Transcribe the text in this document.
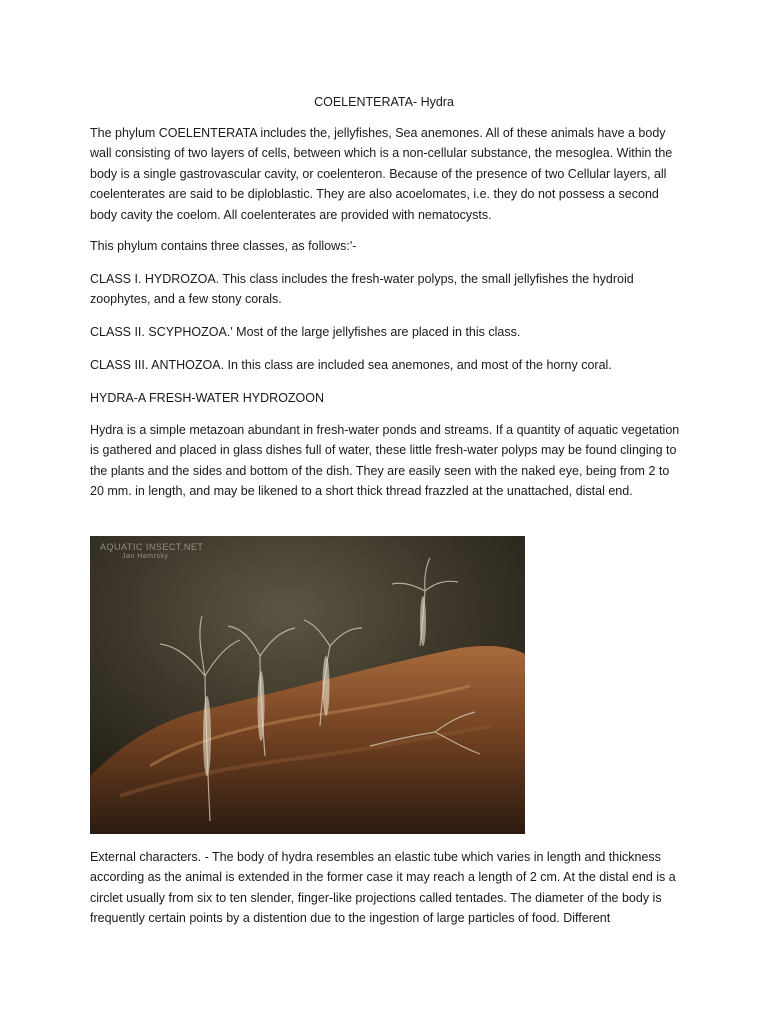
COELENTERATA- Hydra

The phylum COELENTERATA includes the, jellyfishes, Sea anemones. All of these animals have a body wall consisting of two layers of cells, between which is a non-cellular substance, the mesoglea. Within the body is a single gastrovascular cavity, or coelenteron. Because of the presence of two Cellular layers, all coelenterates are said to be diploblastic. They are also acoelomates, i.e. they do not possess a second body cavity the coelom. All coelenterates are provided with nematocysts.

This phylum contains three classes, as follows:'-

CLASS I. HYDROZOA. This class includes the fresh-water polyps, the small jellyfishes the hydroid zoophytes, and a few stony corals.

CLASS II. SCYPHOZOA.' Most of the large jellyfishes are placed in this class.

CLASS III. ANTHOZOA. In this class are included sea anemones, and most of the horny coral.

HYDRA-A FRESH-WATER HYDROZOON

Hydra is a simple metazoan abundant in fresh-water ponds and streams. If a quantity of aquatic vegetation is gathered and placed in glass dishes full of water, these little fresh-water polyps may be found clinging to the plants and the sides and bottom of the dish. They are easily seen with the naked eye, being from 2 to 20 mm. in length, and may be likened to a short thick thread frazzled at the unattached, distal end.

AQUATIC INSECT.NET
Jan Hamrsky

External characters. - The body of hydra resembles an elastic tube which varies in length and thickness according as the animal is extended in the former case it may reach a length of 2 cm. At the distal end is a circlet usually from six to ten slender, finger-like projections called tentades. The diameter of the body is frequently certain points by a distention due to the ingestion of large particles of food. Different
